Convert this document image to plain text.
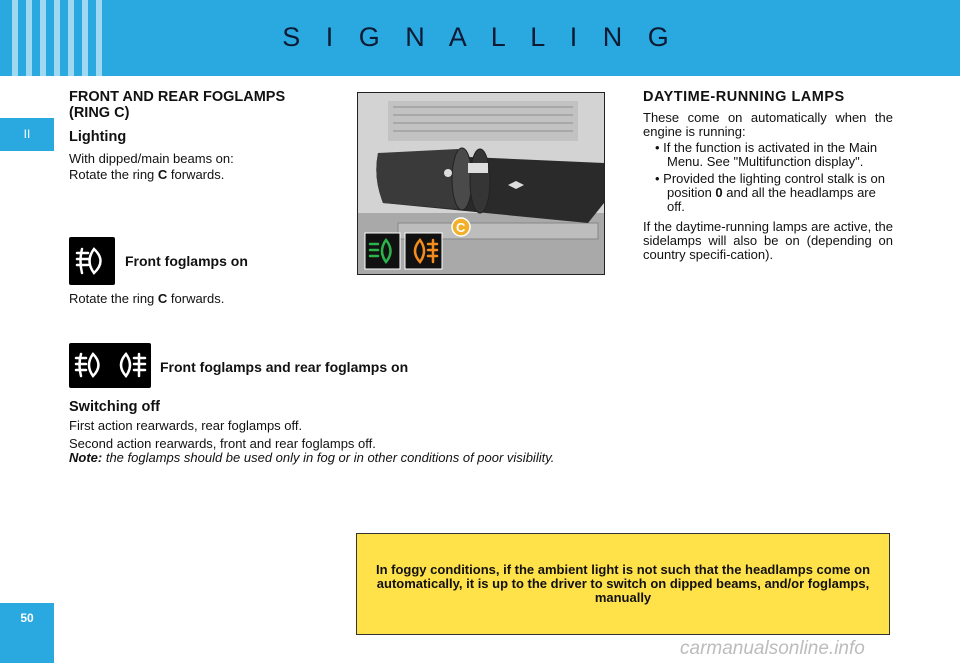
S I G N A L L I N G
II
50
FRONT AND REAR FOGLAMPS (RING C)
Lighting
With dipped/main beams on:
Rotate the ring C forwards.
Front foglamps on
Rotate the ring C forwards.
Front foglamps and rear foglamps on
Switching off
First action rearwards, rear foglamps off.
Second action rearwards, front and rear foglamps off.
Note: the foglamps should be used only in fog or in other conditions of poor visibility.
C
DAYTIME-RUNNING LAMPS
These come on automatically when the engine is running:
• If the function is activated in the Main Menu. See "Multifunction display".
• Provided the lighting control stalk is on position 0 and all the headlamps are off.
If the daytime-running lamps are active, the sidelamps will also be on (depending on country specifi-cation).
In foggy conditions, if the ambient light is not such that the headlamps come on automatically, it is up to the driver to switch on dipped beams, and/or foglamps, manually
carmanualsonline.info
